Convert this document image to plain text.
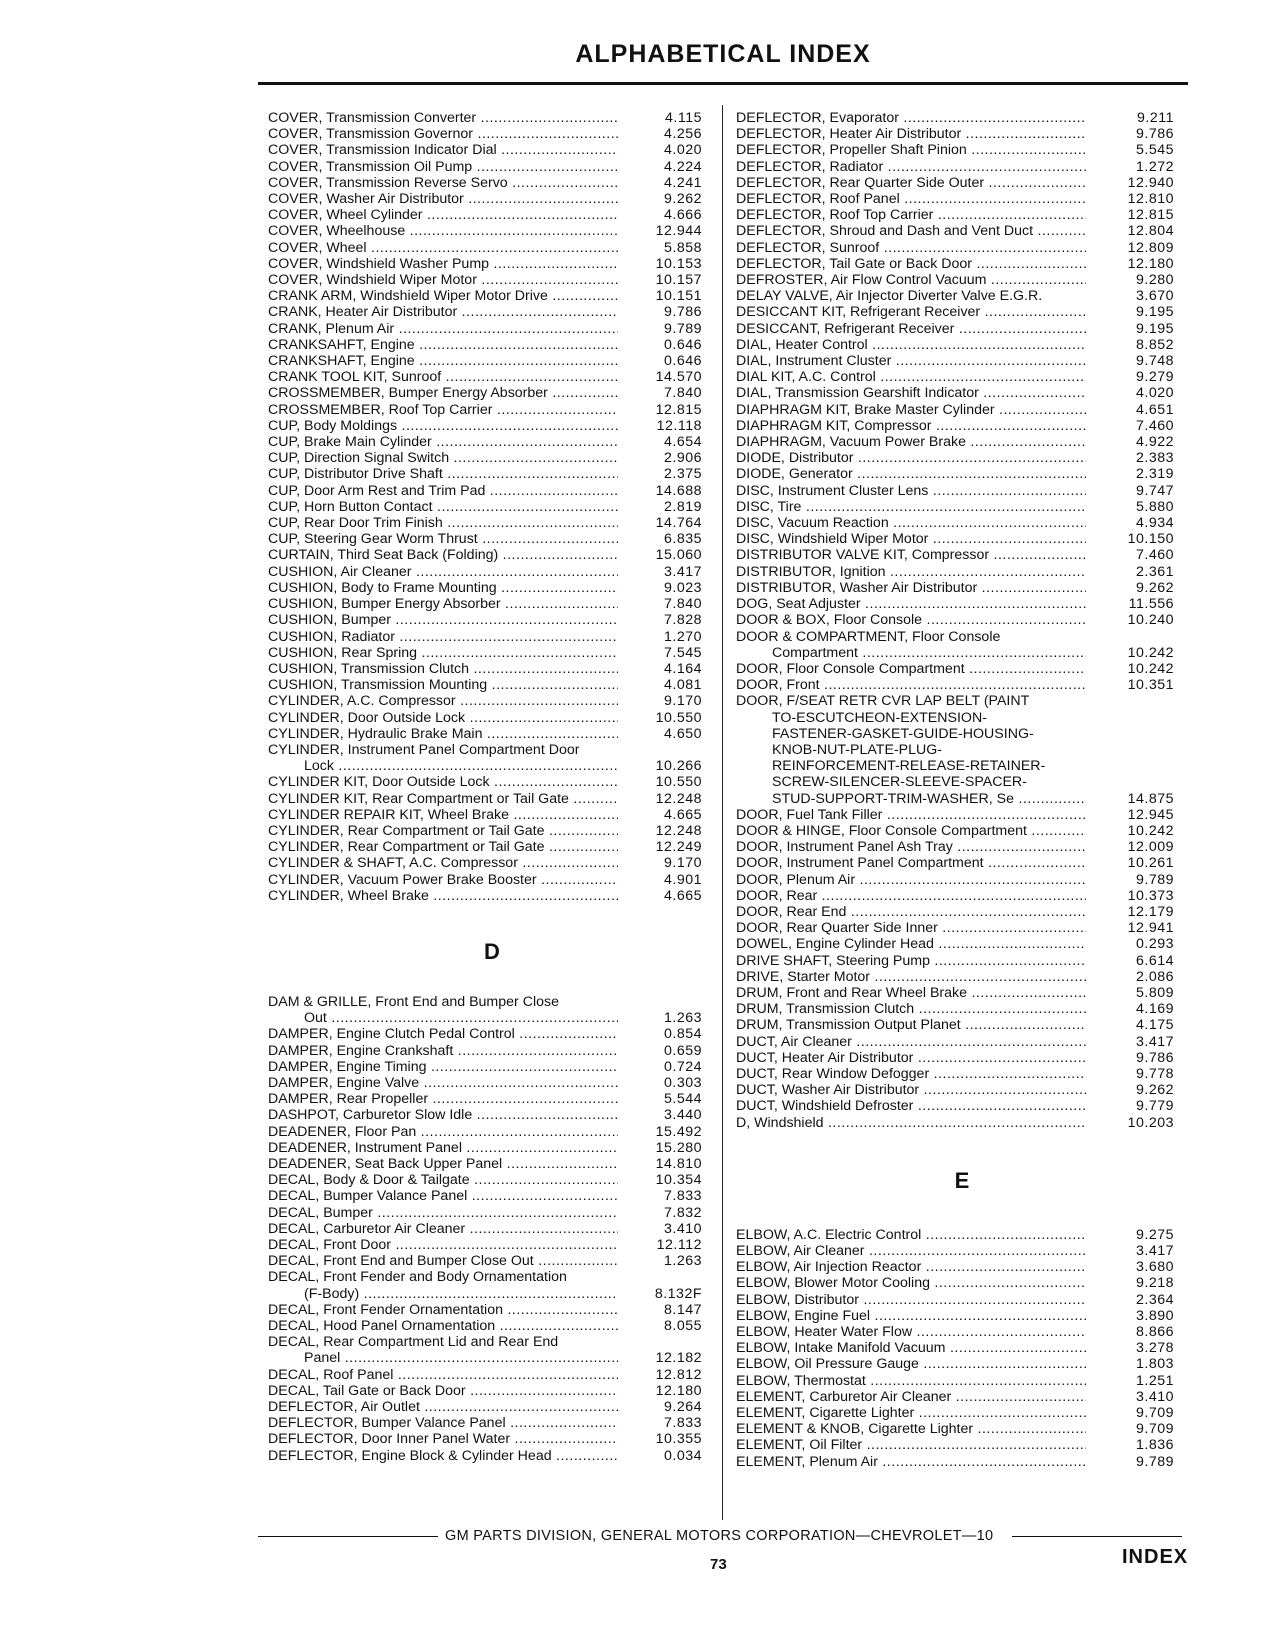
ALPHABETICAL INDEX
COVER, Transmission Converter .....	4.115
COVER, Transmission Governor .....	4.256
COVER, Transmission Indicator Dial .....	4.020
COVER, Transmission Oil Pump .....	4.224
COVER, Transmission Reverse Servo .....	4.241
COVER, Washer Air Distributor .....	9.262
COVER, Wheel Cylinder .....	4.666
COVER, Wheelhouse .....	12.944
COVER, Wheel .....	5.858
COVER, Windshield Washer Pump .....	10.153
COVER, Windshield Wiper Motor .....	10.157
CRANK ARM, Windshield Wiper Motor Drive .....	10.151
CRANK, Heater Air Distributor .....	9.786
CRANK, Plenum Air .....	9.789
CRANKSAHFT, Engine .....	0.646
CRANKSHAFT, Engine .....	0.646
CRANK TOOL KIT, Sunroof .....	14.570
CROSSMEMBER, Bumper Energy Absorber .....	7.840
CROSSMEMBER, Roof Top Carrier .....	12.815
CUP, Body Moldings .....	12.118
CUP, Brake Main Cylinder .....	4.654
CUP, Direction Signal Switch .....	2.906
CUP, Distributor Drive Shaft .....	2.375
CUP, Door Arm Rest and Trim Pad .....	14.688
CUP, Horn Button Contact .....	2.819
CUP, Rear Door Trim Finish .....	14.764
CUP, Steering Gear Worm Thrust .....	6.835
CURTAIN, Third Seat Back (Folding) .....	15.060
CUSHION, Air Cleaner .....	3.417
CUSHION, Body to Frame Mounting .....	9.023
CUSHION, Bumper Energy Absorber .....	7.840
CUSHION, Bumper .....	7.828
CUSHION, Radiator .....	1.270
CUSHION, Rear Spring .....	7.545
CUSHION, Transmission Clutch .....	4.164
CUSHION, Transmission Mounting .....	4.081
CYLINDER, A.C. Compressor .....	9.170
CYLINDER, Door Outside Lock .....	10.550
CYLINDER, Hydraulic Brake Main .....	4.650
CYLINDER, Instrument Panel Compartment Door
Lock .....	10.266
CYLINDER KIT, Door Outside Lock .....	10.550
CYLINDER KIT, Rear Compartment or Tail Gate .....	12.248
CYLINDER REPAIR KIT, Wheel Brake .....	4.665
CYLINDER, Rear Compartment or Tail Gate .....	12.248
CYLINDER, Rear Compartment or Tail Gate .....	12.249
CYLINDER & SHAFT, A.C. Compressor .....	9.170
CYLINDER, Vacuum Power Brake Booster .....	4.901
CYLINDER, Wheel Brake .....	4.665
D
DAM & GRILLE, Front End and Bumper Close
Out .....	1.263
DAMPER, Engine Clutch Pedal Control .....	0.854
DAMPER, Engine Crankshaft .....	0.659
DAMPER, Engine Timing .....	0.724
DAMPER, Engine Valve .....	0.303
DAMPER, Rear Propeller .....	5.544
DASHPOT, Carburetor Slow Idle .....	3.440
DEADENER, Floor Pan .....	15.492
DEADENER, Instrument Panel .....	15.280
DEADENER, Seat Back Upper Panel .....	14.810
DECAL, Body & Door & Tailgate .....	10.354
DECAL, Bumper Valance Panel .....	7.833
DECAL, Bumper .....	7.832
DECAL, Carburetor Air Cleaner .....	3.410
DECAL, Front Door .....	12.112
DECAL, Front End and Bumper Close Out .....	1.263
DECAL, Front Fender and Body Ornamentation
(F-Body) .....	8.132F
DECAL, Front Fender Ornamentation .....	8.147
DECAL, Hood Panel Ornamentation .....	8.055
DECAL, Rear Compartment Lid and Rear End
Panel .....	12.182
DECAL, Roof Panel .....	12.812
DECAL, Tail Gate or Back Door .....	12.180
DEFLECTOR, Air Outlet .....	9.264
DEFLECTOR, Bumper Valance Panel .....	7.833
DEFLECTOR, Door Inner Panel Water .....	10.355
DEFLECTOR, Engine Block & Cylinder Head .....	0.034
DEFLECTOR, Evaporator .....	9.211
DEFLECTOR, Heater Air Distributor .....	9.786
DEFLECTOR, Propeller Shaft Pinion .....	5.545
DEFLECTOR, Radiator .....	1.272
DEFLECTOR, Rear Quarter Side Outer .....	12.940
DEFLECTOR, Roof Panel .....	12.810
DEFLECTOR, Roof Top Carrier .....	12.815
DEFLECTOR, Shroud and Dash and Vent Duct .....	12.804
DEFLECTOR, Sunroof .....	12.809
DEFLECTOR, Tail Gate or Back Door .....	12.180
DEFROSTER, Air Flow Control Vacuum .....	9.280
DELAY VALVE, Air Injector Diverter Valve E.G.R.	3.670
DESICCANT KIT, Refrigerant Receiver .....	9.195
DESICCANT, Refrigerant Receiver .....	9.195
DIAL, Heater Control .....	8.852
DIAL, Instrument Cluster .....	9.748
DIAL KIT, A.C. Control .....	9.279
DIAL, Transmission Gearshift Indicator .....	4.020
DIAPHRAGM KIT, Brake Master Cylinder .....	4.651
DIAPHRAGM KIT, Compressor .....	7.460
DIAPHRAGM, Vacuum Power Brake .....	4.922
DIODE, Distributor .....	2.383
DIODE, Generator .....	2.319
DISC, Instrument Cluster Lens .....	9.747
DISC, Tire .....	5.880
DISC, Vacuum Reaction .....	4.934
DISC, Windshield Wiper Motor .....	10.150
DISTRIBUTOR VALVE KIT, Compressor .....	7.460
DISTRIBUTOR, Ignition .....	2.361
DISTRIBUTOR, Washer Air Distributor .....	9.262
DOG, Seat Adjuster .....	11.556
DOOR & BOX, Floor Console .....	10.240
DOOR & COMPARTMENT, Floor Console
Compartment .....	10.242
DOOR, Floor Console Compartment .....	10.242
DOOR, Front .....	10.351
DOOR, F/SEAT RETR CVR LAP BELT (PAINT
TO-ESCUTCHEON-EXTENSION-
FASTENER-GASKET-GUIDE-HOUSING-
KNOB-NUT-PLATE-PLUG-
REINFORCEMENT-RELEASE-RETAINER-
SCREW-SILENCER-SLEEVE-SPACER-
STUD-SUPPORT-TRIM-WASHER, Se .....	14.875
DOOR, Fuel Tank Filler .....	12.945
DOOR & HINGE, Floor Console Compartment .....	10.242
DOOR, Instrument Panel Ash Tray .....	12.009
DOOR, Instrument Panel Compartment .....	10.261
DOOR, Plenum Air .....	9.789
DOOR, Rear .....	10.373
DOOR, Rear End .....	12.179
DOOR, Rear Quarter Side Inner .....	12.941
DOWEL, Engine Cylinder Head .....	0.293
DRIVE SHAFT, Steering Pump .....	6.614
DRIVE, Starter Motor .....	2.086
DRUM, Front and Rear Wheel Brake .....	5.809
DRUM, Transmission Clutch .....	4.169
DRUM, Transmission Output Planet .....	4.175
DUCT, Air Cleaner .....	3.417
DUCT, Heater Air Distributor .....	9.786
DUCT, Rear Window Defogger .....	9.778
DUCT, Washer Air Distributor .....	9.262
DUCT, Windshield Defroster .....	9.779
D, Windshield .....	10.203
E
ELBOW, A.C. Electric Control .....	9.275
ELBOW, Air Cleaner .....	3.417
ELBOW, Air Injection Reactor .....	3.680
ELBOW, Blower Motor Cooling .....	9.218
ELBOW, Distributor .....	2.364
ELBOW, Engine Fuel .....	3.890
ELBOW, Heater Water Flow .....	8.866
ELBOW, Intake Manifold Vacuum .....	3.278
ELBOW, Oil Pressure Gauge .....	1.803
ELBOW, Thermostat .....	1.251
ELEMENT, Carburetor Air Cleaner .....	3.410
ELEMENT, Cigarette Lighter .....	9.709
ELEMENT & KNOB, Cigarette Lighter .....	9.709
ELEMENT, Oil Filter .....	1.836
ELEMENT, Plenum Air .....	9.789
GM PARTS DIVISION, GENERAL MOTORS CORPORATION—CHEVROLET—10
73	INDEX
